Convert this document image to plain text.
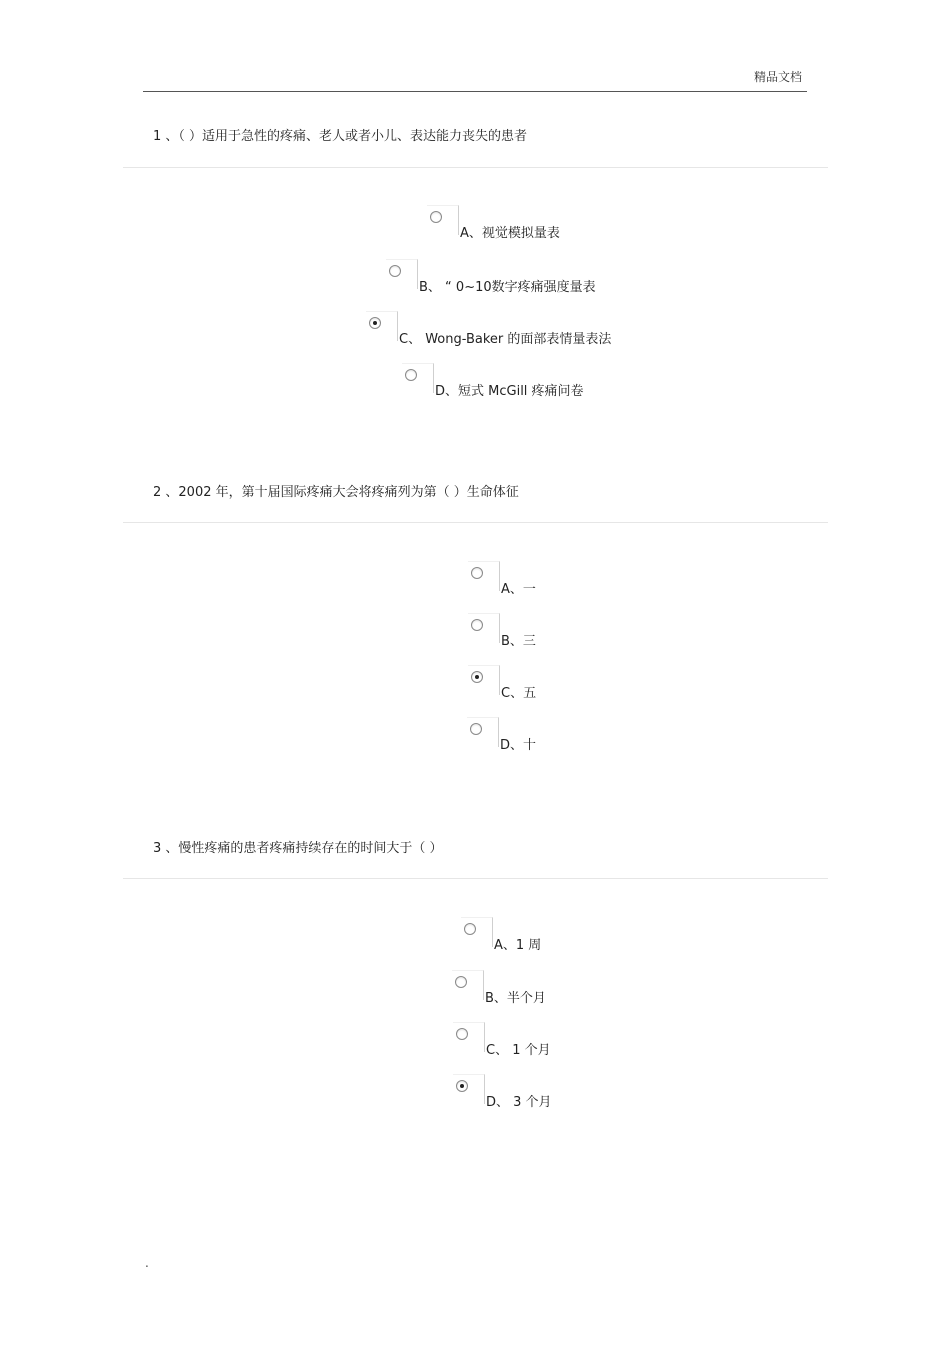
精品文档
1 、（ ）适用于急性的疼痛、老人或者小儿、表达能力丧失的患者
A、视觉模拟量表
B、 “ 0~10数字疼痛强度量表
C、 Wong-Baker 的面部表情量表法
D、短式 McGill 疼痛问卷
2 、2002 年，第十届国际疼痛大会将疼痛列为第（ ）生命体征
A、一
B、三
C、五
D、十
3 、慢性疼痛的患者疼痛持续存在的时间大于（ ）
A、1 周
B、半个月
C、 1 个月
D、 3 个月
.
